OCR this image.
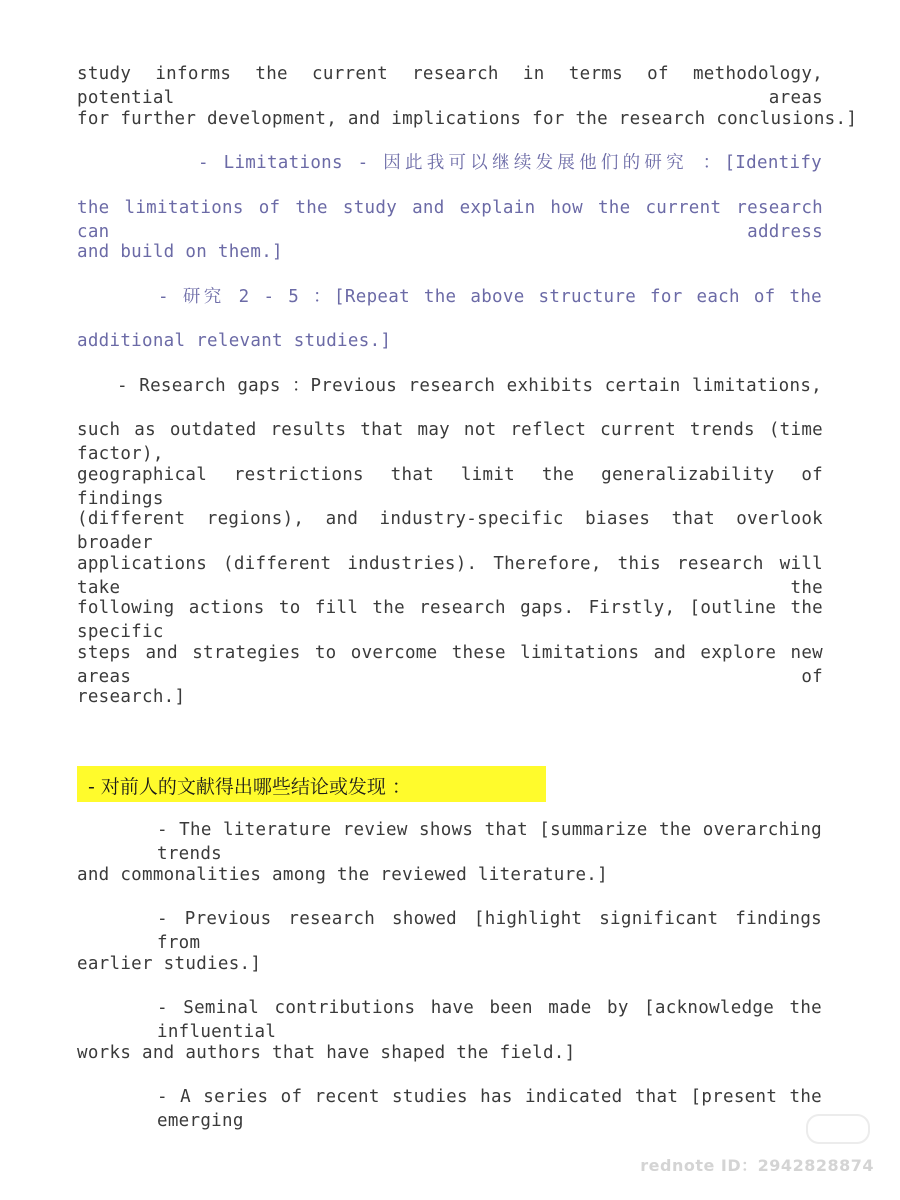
study informs the current research in terms of methodology, potential areas
for further development, and implications for the research conclusions.]
- Limitations - 因此我可以继续发展他们的研究 ：[Identify
the limitations of the study and explain how the current research can address
and build on them.]
- 研究 2 - 5 ：[Repeat the above structure for each of the
additional relevant studies.]
- Research gaps ：Previous research exhibits certain limitations,
such as outdated results that may not reflect current trends (time factor),
geographical restrictions that limit the generalizability of findings
(different regions), and industry-specific biases that overlook broader
applications (different industries). Therefore, this research will take the
following actions to fill the research gaps. Firstly, [outline the specific
steps and strategies to overcome these limitations and explore new areas of
research.]
- 对前人的文献得出哪些结论或发现 ：
- The literature review shows that [summarize the overarching trends
and commonalities among the reviewed literature.]
- Previous research showed [highlight significant findings from
earlier studies.]
- Seminal contributions have been made by [acknowledge the influential
works and authors that have shaped the field.]
- A series of recent studies has indicated that [present the emerging
rednote ID：2942828874
